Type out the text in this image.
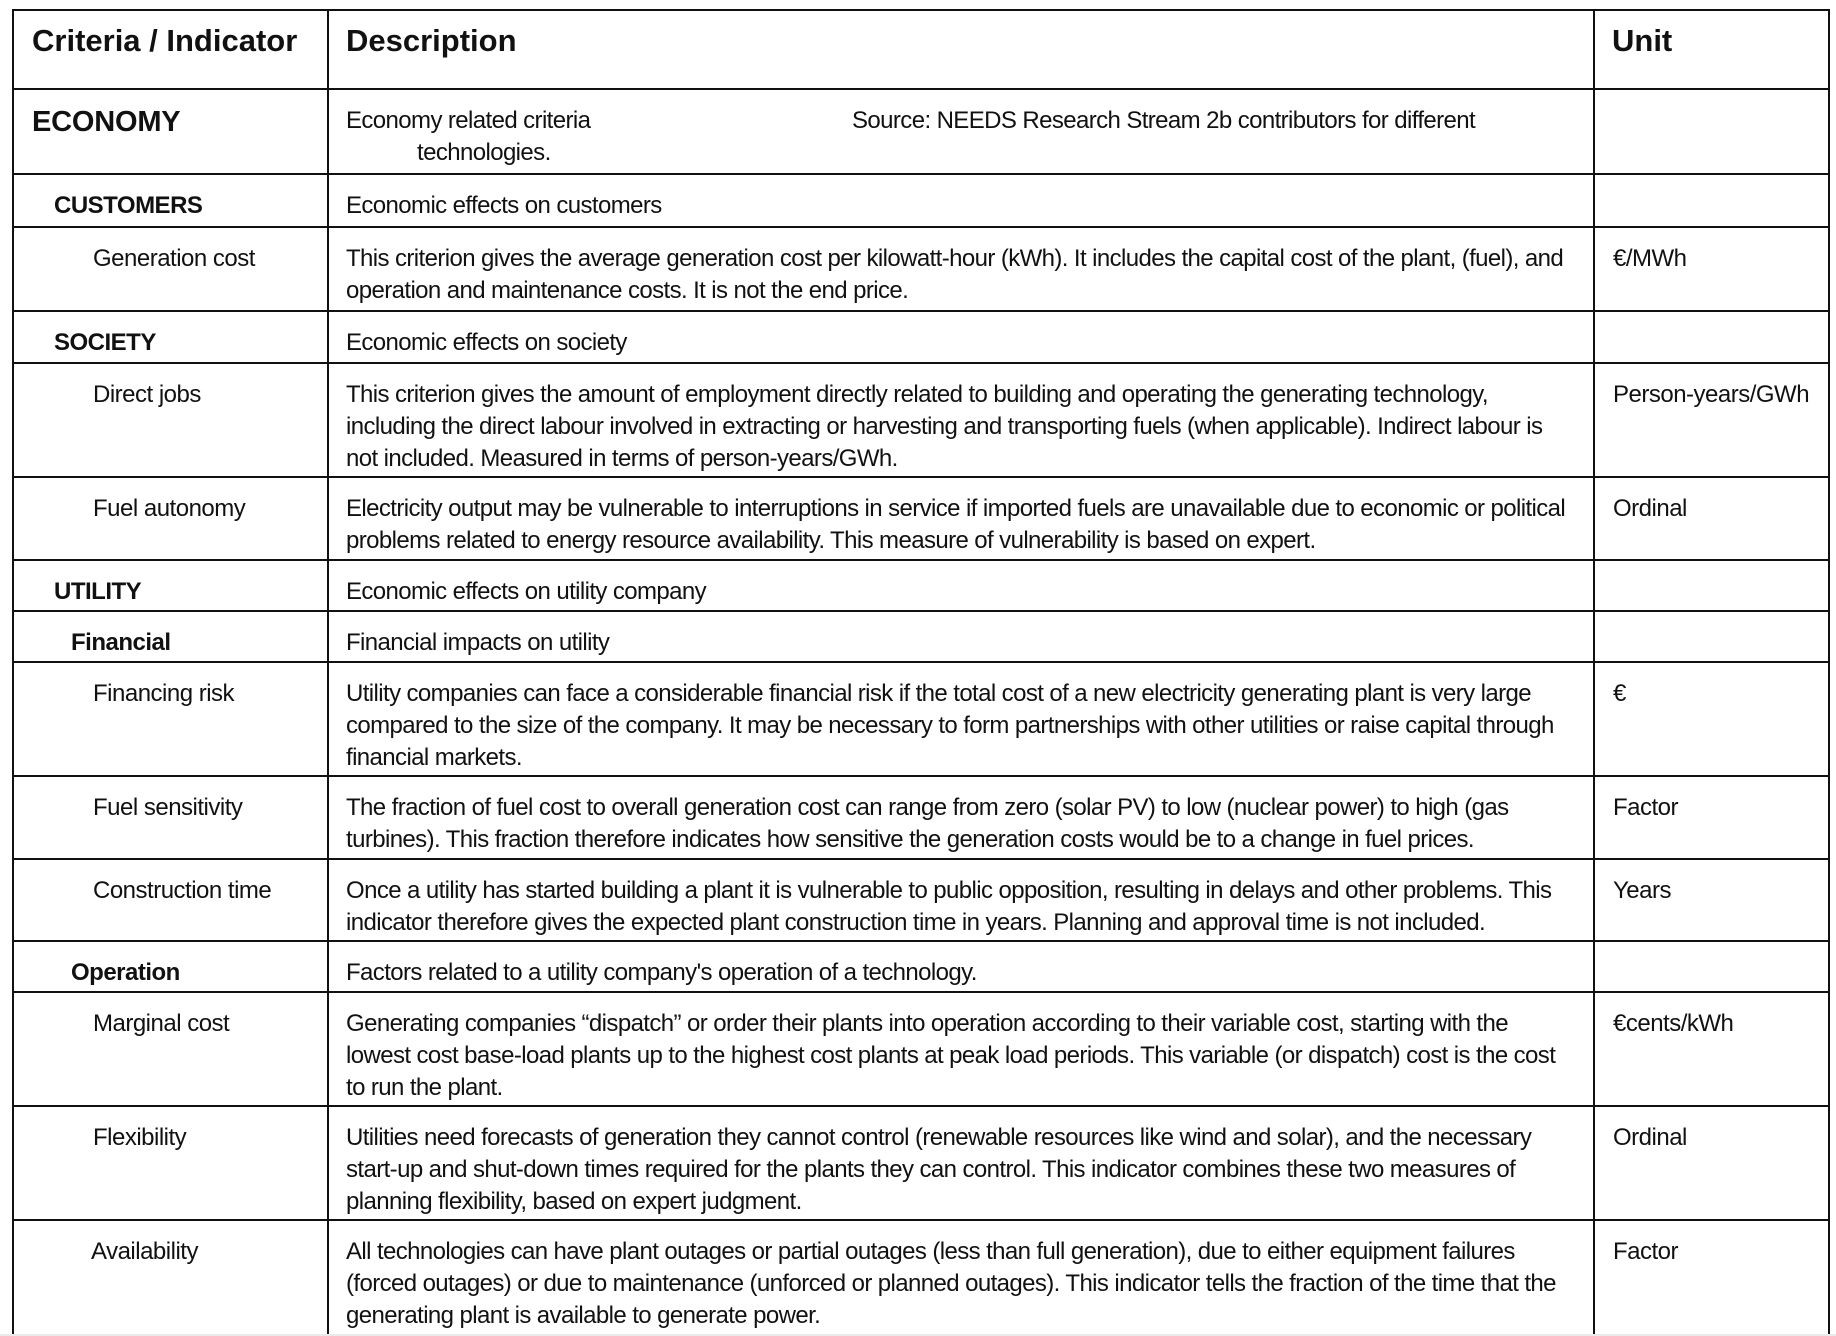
Criteria / Indicator	Description	Unit

ECONOMY	Economy related criteria Source: NEEDS Research Stream 2b contributors for different
technologies.	

CUSTOMERS	Economic effects on customers	

Generation cost	This criterion gives the average generation cost per kilowatt-hour (kWh). It includes the capital cost of the plant, (fuel), and operation and maintenance costs. It is not the end price.	€/MWh

SOCIETY	Economic effects on society	

Direct jobs	This criterion gives the amount of employment directly related to building and operating the generating technology, including the direct labour involved in extracting or harvesting and transporting fuels (when applicable). Indirect labour is not included. Measured in terms of person-years/GWh.	Person-years/GWh

Fuel autonomy	Electricity output may be vulnerable to interruptions in service if imported fuels are unavailable due to economic or political problems related to energy resource availability. This measure of vulnerability is based on expert.	Ordinal

UTILITY	Economic effects on utility company	

Financial	Financial impacts on utility	

Financing risk	Utility companies can face a considerable financial risk if the total cost of a new electricity generating plant is very large compared to the size of the company. It may be necessary to form partnerships with other utilities or raise capital through financial markets.	€

Fuel sensitivity	The fraction of fuel cost to overall generation cost can range from zero (solar PV) to low (nuclear power) to high (gas turbines). This fraction therefore indicates how sensitive the generation costs would be to a change in fuel prices.	Factor

Construction time	Once a utility has started building a plant it is vulnerable to public opposition, resulting in delays and other problems. This indicator therefore gives the expected plant construction time in years. Planning and approval time is not included.	Years

Operation	Factors related to a utility company's operation of a technology.	

Marginal cost	Generating companies “dispatch” or order their plants into operation according to their variable cost, starting with the lowest cost base-load plants up to the highest cost plants at peak load periods. This variable (or dispatch) cost is the cost to run the plant.	€cents/kWh

Flexibility	Utilities need forecasts of generation they cannot control (renewable resources like wind and solar), and the necessary start-up and shut-down times required for the plants they can control. This indicator combines these two measures of planning flexibility, based on expert judgment.	Ordinal

Availability	All technologies can have plant outages or partial outages (less than full generation), due to either equipment failures (forced outages) or due to maintenance (unforced or planned outages). This indicator tells the fraction of the time that the generating plant is available to generate power.	Factor
